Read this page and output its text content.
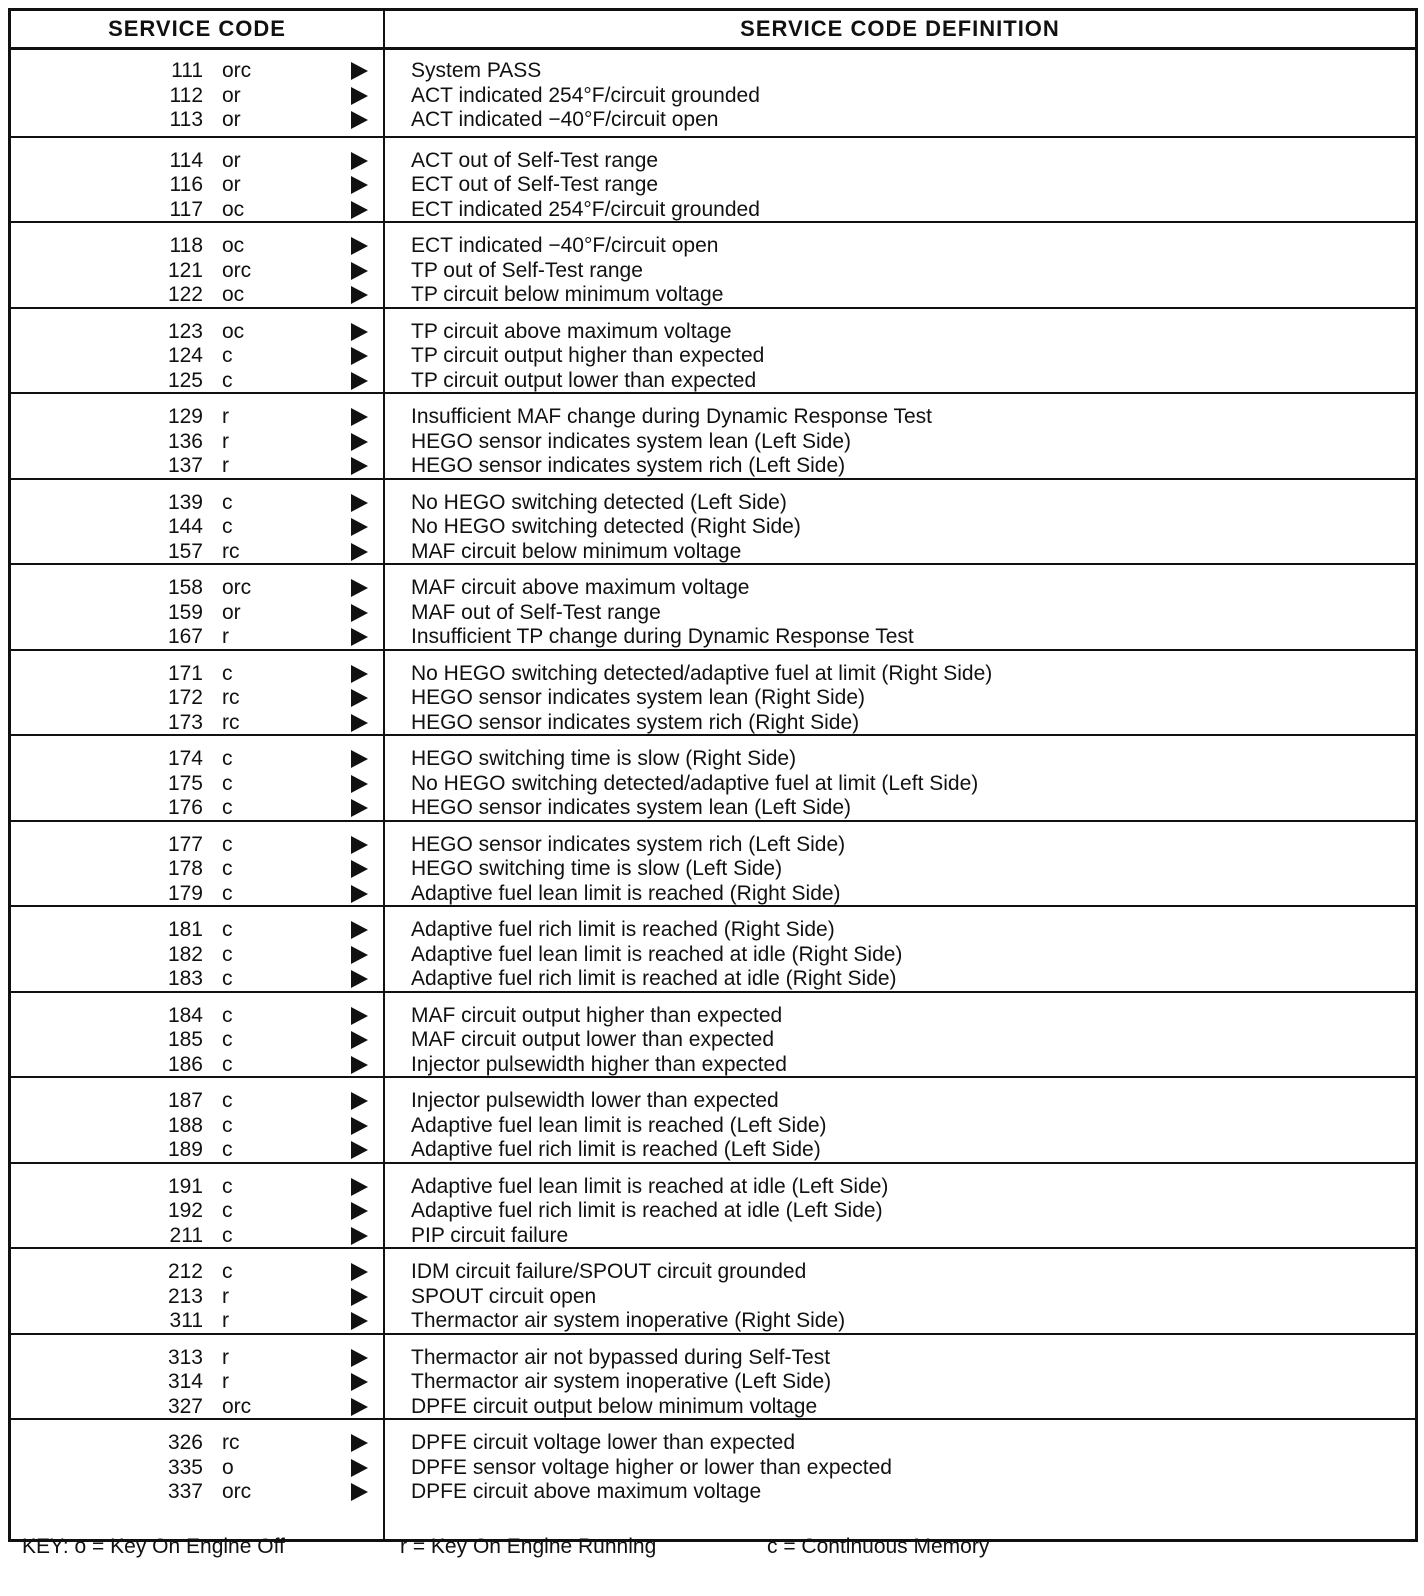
SERVICE CODE	SERVICE CODE DEFINITION
111 orc	System PASS
112 or	ACT indicated 254°F/circuit grounded
113 or	ACT indicated −40°F/circuit open
114 or	ACT out of Self-Test range
116 or	ECT out of Self-Test range
117 oc	ECT indicated 254°F/circuit grounded
118 oc	ECT indicated −40°F/circuit open
121 orc	TP out of Self-Test range
122 oc	TP circuit below minimum voltage
123 oc	TP circuit above maximum voltage
124 c	TP circuit output higher than expected
125 c	TP circuit output lower than expected
129 r	Insufficient MAF change during Dynamic Response Test
136 r	HEGO sensor indicates system lean (Left Side)
137 r	HEGO sensor indicates system rich (Left Side)
139 c	No HEGO switching detected (Left Side)
144 c	No HEGO switching detected (Right Side)
157 rc	MAF circuit below minimum voltage
158 orc	MAF circuit above maximum voltage
159 or	MAF out of Self-Test range
167 r	Insufficient TP change during Dynamic Response Test
171 c	No HEGO switching detected/adaptive fuel at limit (Right Side)
172 rc	HEGO sensor indicates system lean (Right Side)
173 rc	HEGO sensor indicates system rich (Right Side)
174 c	HEGO switching time is slow (Right Side)
175 c	No HEGO switching detected/adaptive fuel at limit (Left Side)
176 c	HEGO sensor indicates system lean (Left Side)
177 c	HEGO sensor indicates system rich (Left Side)
178 c	HEGO switching time is slow (Left Side)
179 c	Adaptive fuel lean limit is reached (Right Side)
181 c	Adaptive fuel rich limit is reached (Right Side)
182 c	Adaptive fuel lean limit is reached at idle (Right Side)
183 c	Adaptive fuel rich limit is reached at idle (Right Side)
184 c	MAF circuit output higher than expected
185 c	MAF circuit output lower than expected
186 c	Injector pulsewidth higher than expected
187 c	Injector pulsewidth lower than expected
188 c	Adaptive fuel lean limit is reached (Left Side)
189 c	Adaptive fuel rich limit is reached (Left Side)
191 c	Adaptive fuel lean limit is reached at idle (Left Side)
192 c	Adaptive fuel rich limit is reached at idle (Left Side)
211 c	PIP circuit failure
212 c	IDM circuit failure/SPOUT circuit grounded
213 r	SPOUT circuit open
311 r	Thermactor air system inoperative (Right Side)
313 r	Thermactor air not bypassed during Self-Test
314 r	Thermactor air system inoperative (Left Side)
327 orc	DPFE circuit output below minimum voltage
326 rc	DPFE circuit voltage lower than expected
335 o	DPFE sensor voltage higher or lower than expected
337 orc	DPFE circuit above maximum voltage
KEY: o = Key On Engine Off	r = Key On Engine Running	c = Continuous Memory
